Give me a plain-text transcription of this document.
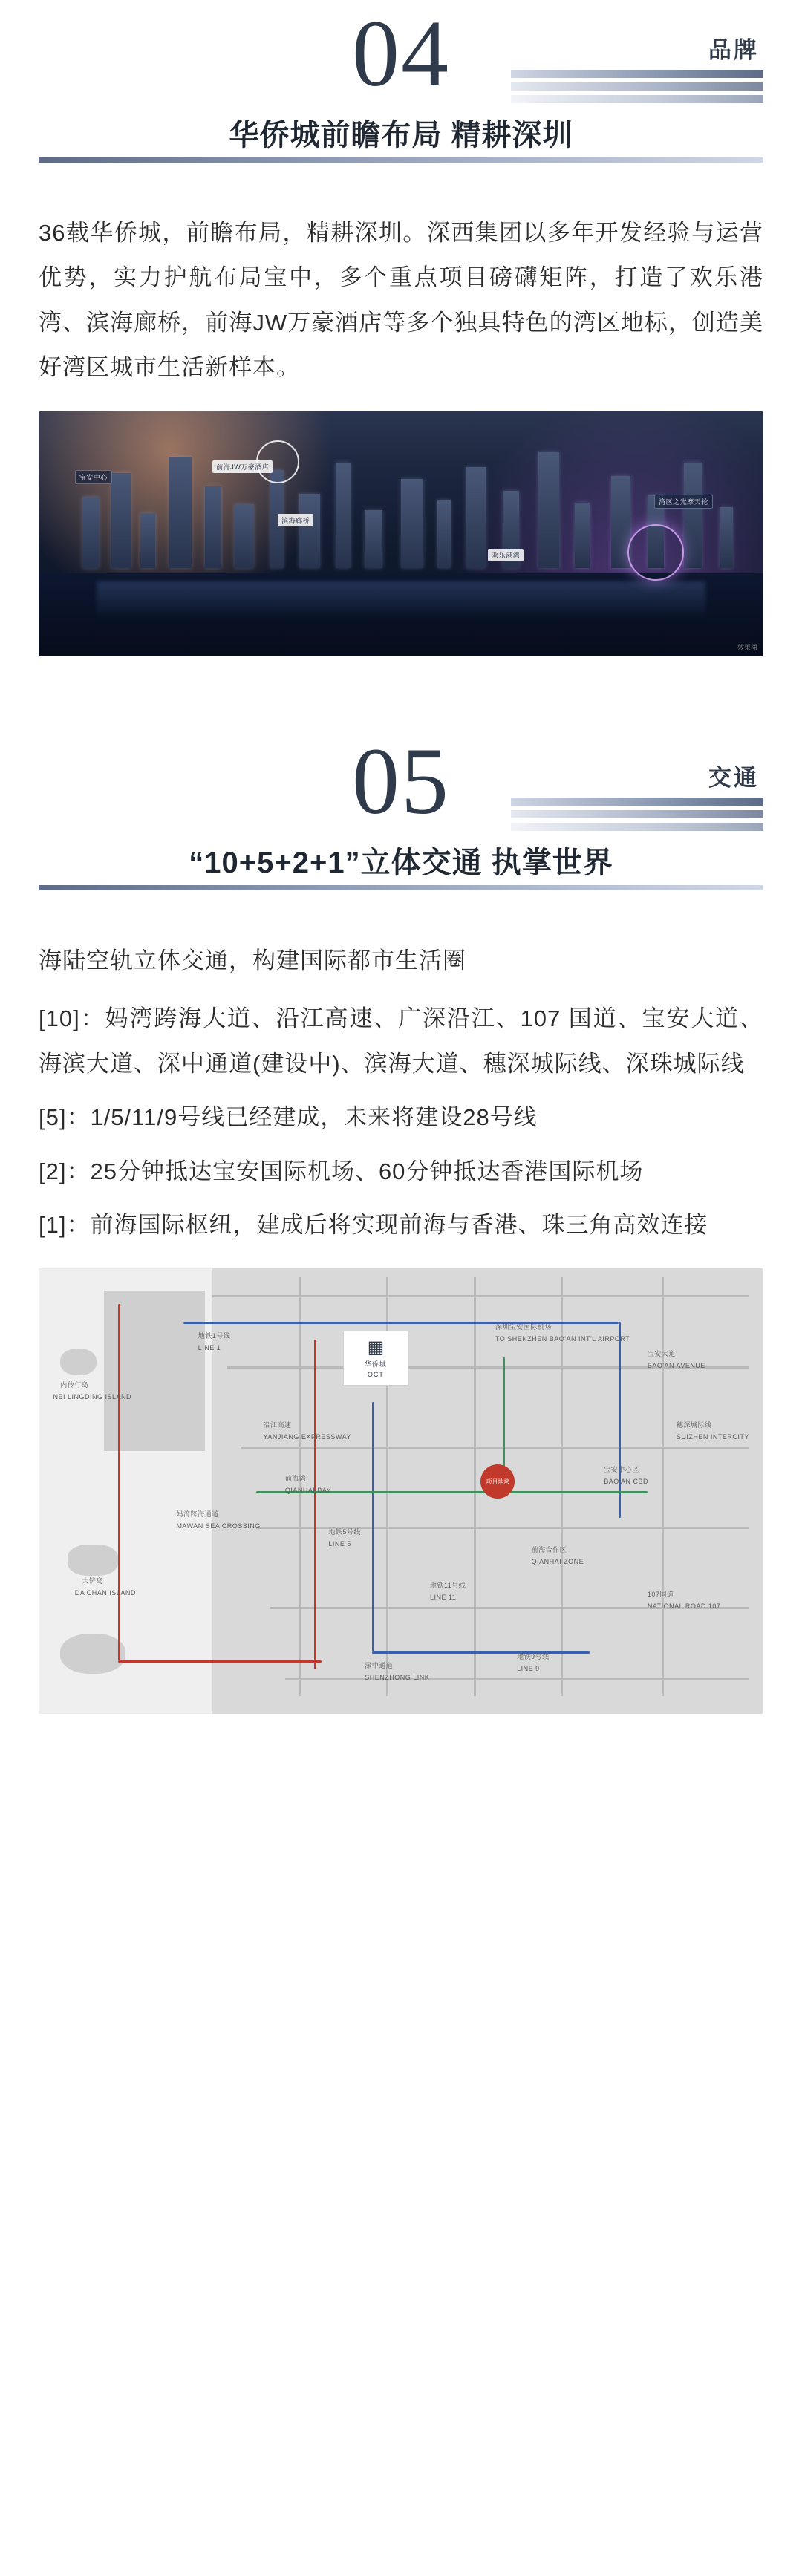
04	品牌
华侨城前瞻布局 精耕深圳

36载华侨城，前瞻布局，精耕深圳。深西集团以多年开发经验与运营优势，实力护航布局宝中，多个重点项目磅礴矩阵，打造了欢乐港湾、滨海廊桥，前海JW万豪酒店等多个独具特色的湾区地标，创造美好湾区城市生活新样本。

宝安中心
前海JW万豪酒店
滨海廊桥
欢乐港湾
湾区之光摩天轮
效果图
05	交通
“10+5+2+1”立体交通 执掌世界

海陆空轨立体交通，构建国际都市生活圈

[10]：妈湾跨海大道、沿江高速、广深沿江、107 国道、宝安大道、海滨大道、深中通道(建设中)、滨海大道、穗深城际线、深珠城际线

[5]：1/5/11/9号线已经建成，未来将建设28号线

[2]：25分钟抵达宝安国际机场、60分钟抵达香港国际机场

[1]：前海国际枢纽，建成后将实现前海与香港、珠三角高效连接

▦
华侨城
OCT
项目地块
深圳宝安国际机场
TO SHENZHEN BAO'AN INT'L AIRPORT
大铲岛
DA CHAN ISLAND
内伶仃岛
NEI LINGDING ISLAND
前海合作区
QIANHAI ZONE
宝安中心区
BAO'AN CBD
沿江高速
YANJIANG EXPRESSWAY
妈湾跨海通道
MAWAN SEA CROSSING
深中通道
SHENZHONG LINK
宝安大道
BAO'AN AVENUE
107国道
NATIONAL ROAD 107
穗深城际线
SUIZHEN INTERCITY
地铁1号线
LINE 1
地铁5号线
LINE 5
地铁11号线
LINE 11
地铁9号线
LINE 9
前海湾
QIANHAI BAY
